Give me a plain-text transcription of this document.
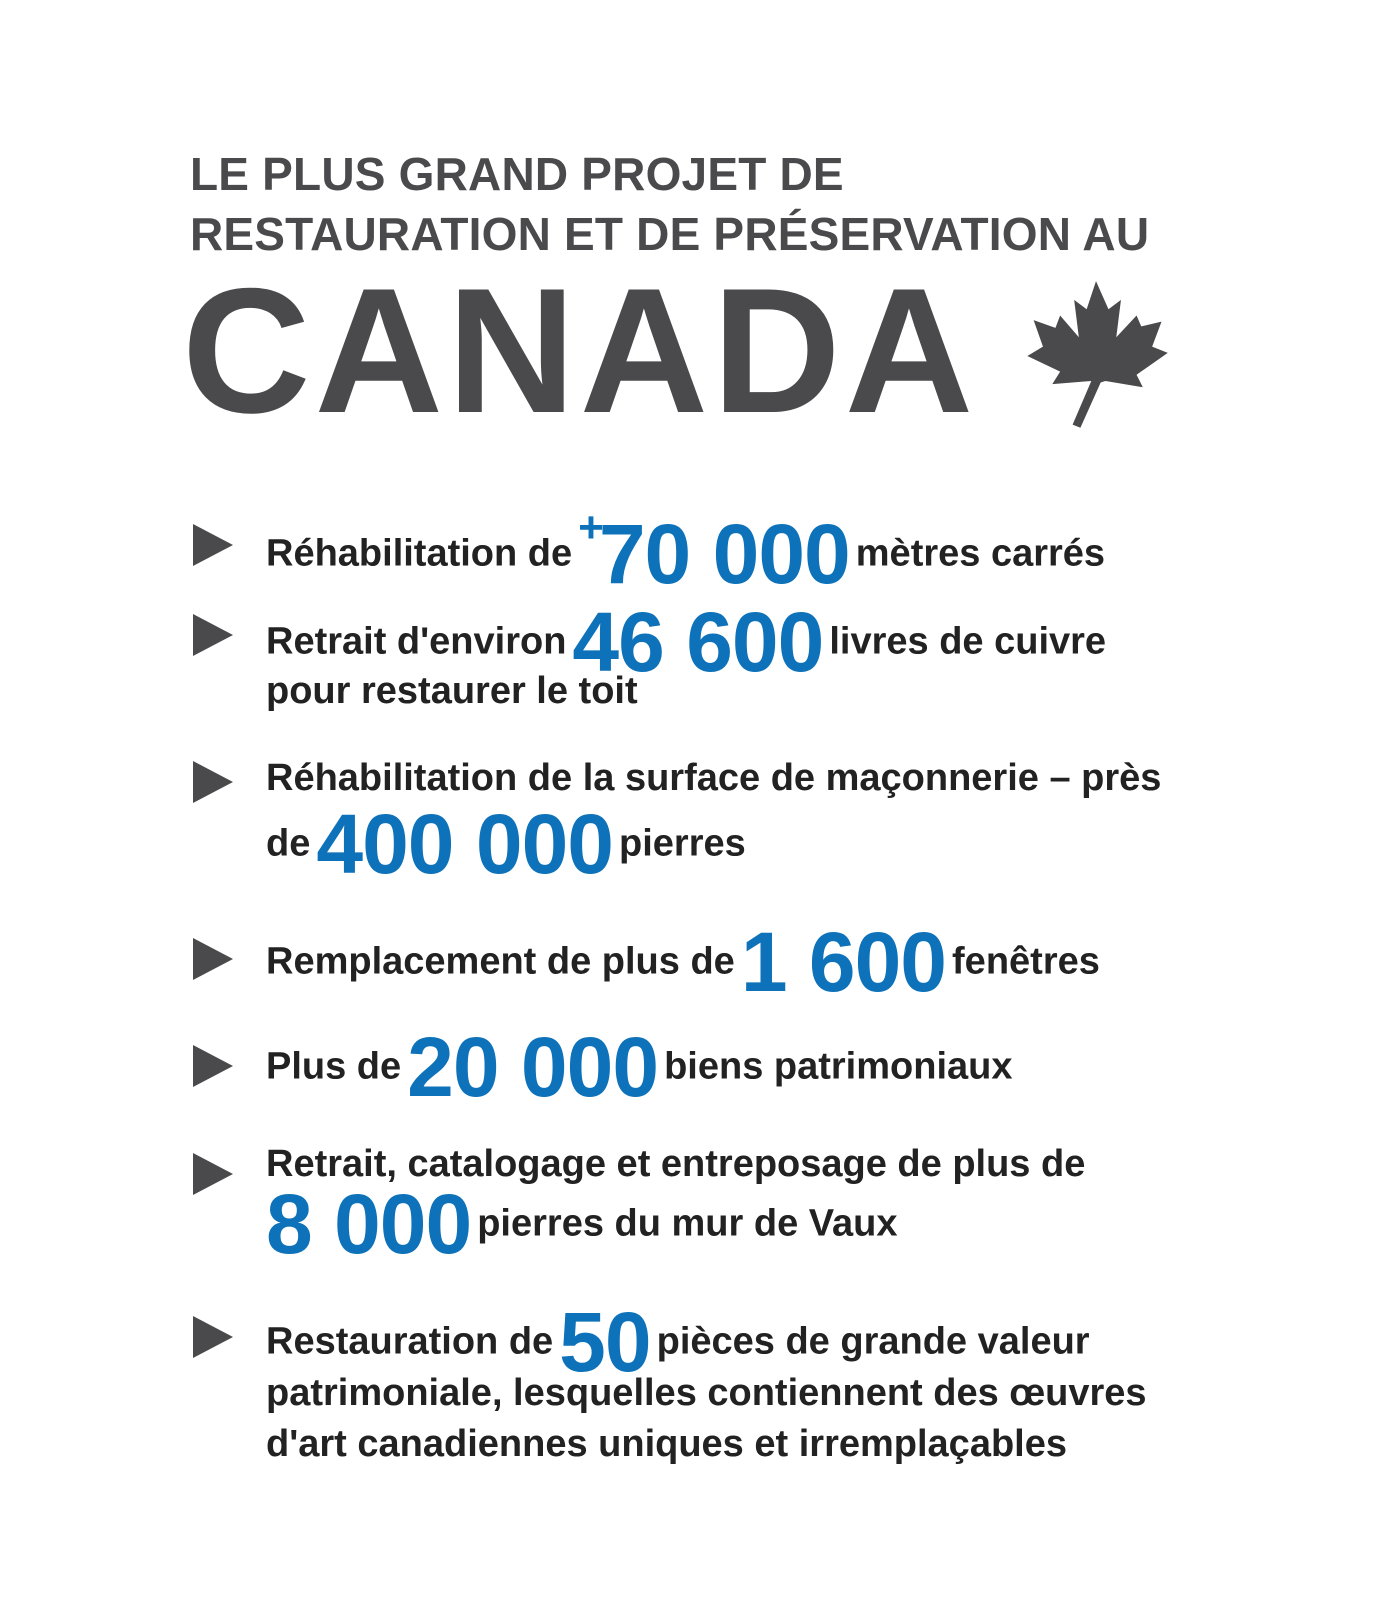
LE PLUS GRAND PROJET DE
RESTAURATION ET DE PRÉSERVATION AU
CANADA
Réhabilitation de+70 000 mètres carrés
Retrait d'environ46 600 livres de cuivre
pour restaurer le toit
Réhabilitation de la surface de maçonnerie – près
de400 000 pierres
Remplacement de plus de1 600 fenêtres
Plus de20 000 biens patrimoniaux
Retrait, catalogage et entreposage de plus de
8 000 pierres du mur de Vaux
Restauration de50 pièces de grande valeur
patrimoniale, lesquelles contiennent des œuvres
d'art canadiennes uniques et irremplaçables
